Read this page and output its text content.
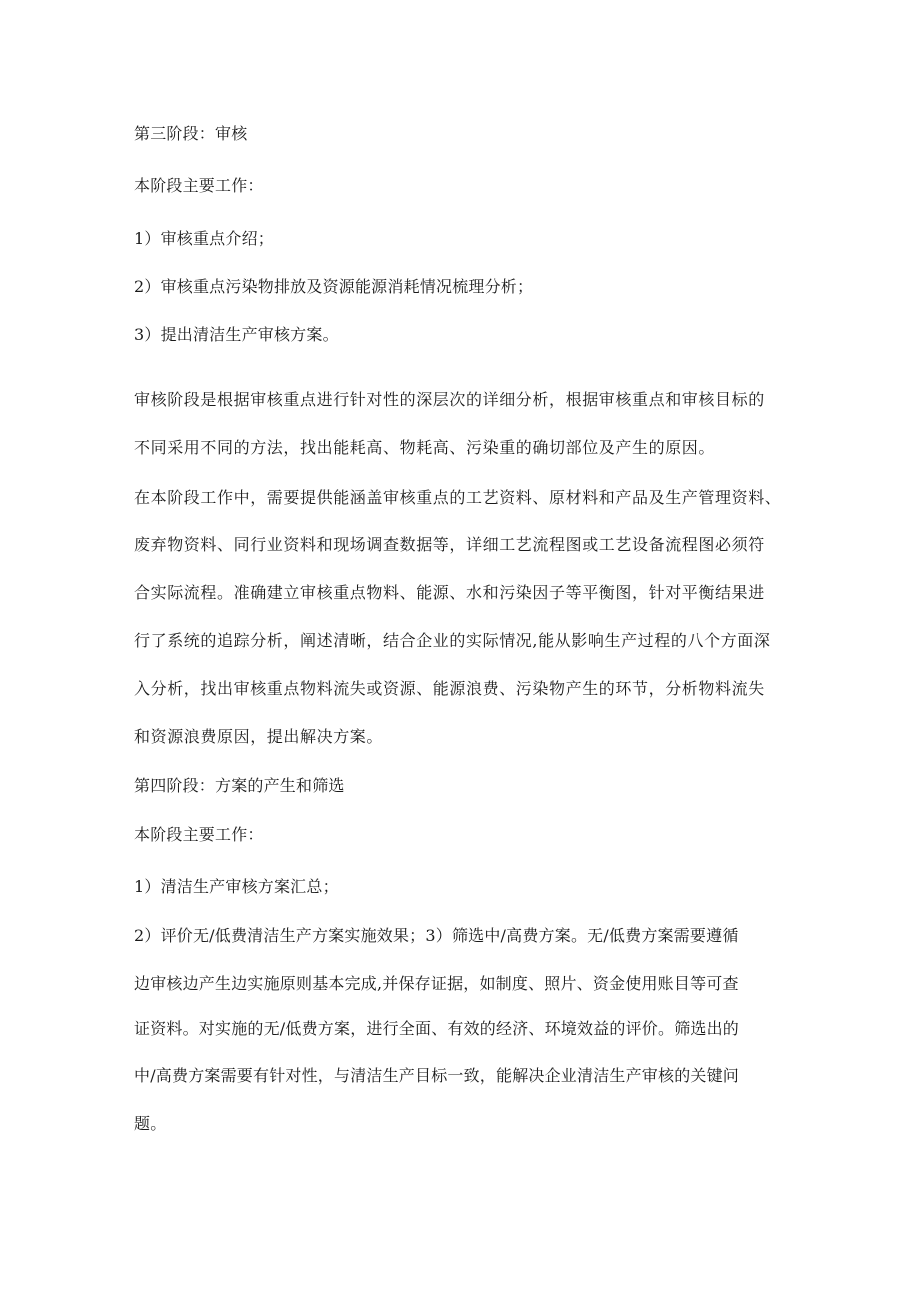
第三阶段：审核

本阶段主要工作：

1）审核重点介绍；

2）审核重点污染物排放及资源能源消耗情况梳理分析；

3）提出清洁生产审核方案。

审核阶段是根据审核重点进行针对性的深层次的详细分析，根据审核重点和审核目标的

不同采用不同的方法，找出能耗高、物耗高、污染重的确切部位及产生的原因。

在本阶段工作中，需要提供能涵盖审核重点的工艺资料、原材料和产品及生产管理资料、

废弃物资料、同行业资料和现场调查数据等，详细工艺流程图或工艺设备流程图必须符

合实际流程。准确建立审核重点物料、能源、水和污染因子等平衡图，针对平衡结果进

行了系统的追踪分析，阐述清晰，结合企业的实际情况,能从影响生产过程的八个方面深

入分析，找出审核重点物料流失或资源、能源浪费、污染物产生的环节，分析物料流失

和资源浪费原因，提出解决方案。

第四阶段：方案的产生和筛选

本阶段主要工作：

1）清洁生产审核方案汇总；

2）评价无/低费清洁生产方案实施效果；3）筛选中/高费方案。无/低费方案需要遵循

边审核边产生边实施原则基本完成,并保存证据，如制度、照片、资金使用账目等可查

证资料。对实施的无/低费方案，进行全面、有效的经济、环境效益的评价。筛选出的

中/高费方案需要有针对性，与清洁生产目标一致，能解决企业清洁生产审核的关键问

题。
